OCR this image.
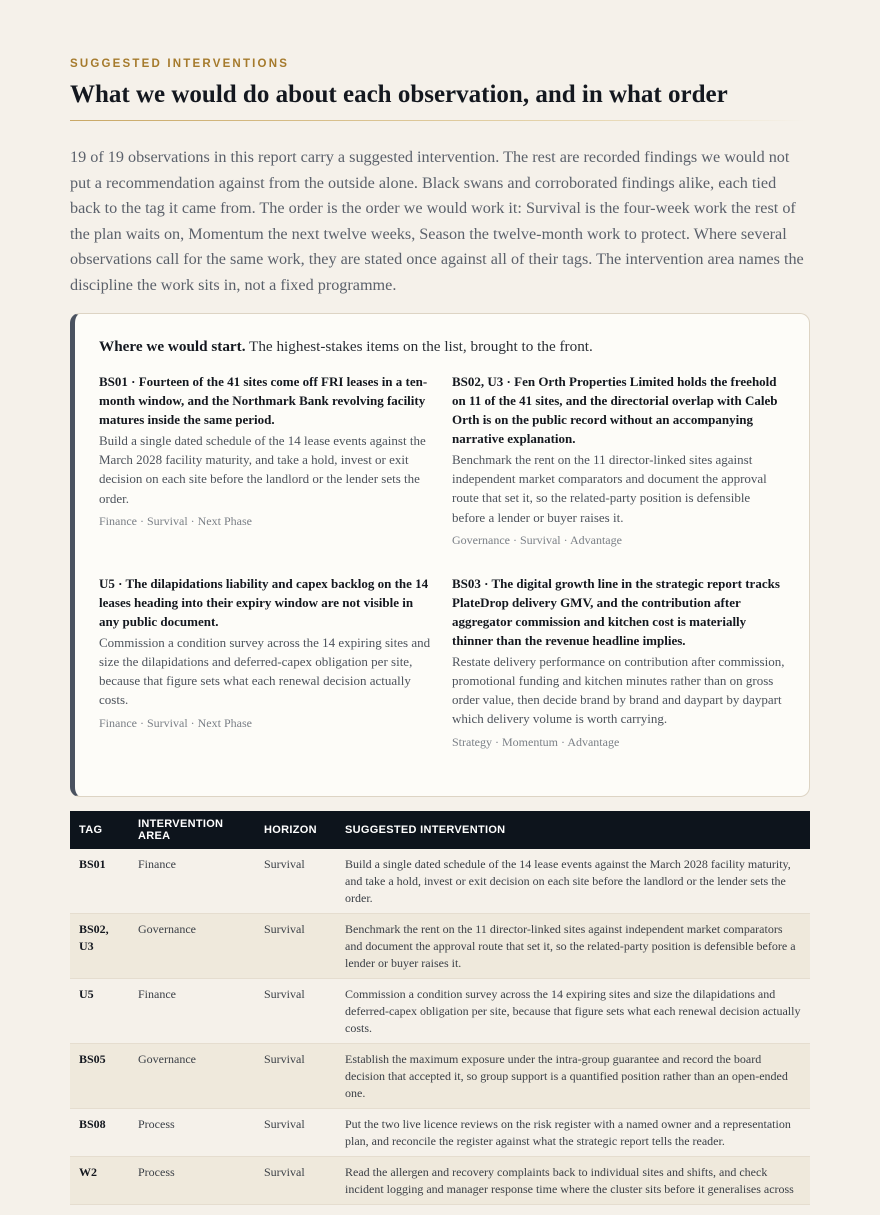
SUGGESTED INTERVENTIONS
What we would do about each observation, and in what order

19 of 19 observations in this report carry a suggested intervention. The rest are recorded findings we would not put a recommendation against from the outside alone. Black swans and corroborated findings alike, each tied back to the tag it came from. The order is the order we would work it: Survival is the four-week work the rest of the plan waits on, Momentum the next twelve weeks, Season the twelve-month work to protect. Where several observations call for the same work, they are stated once against all of their tags. The intervention area names the discipline the work sits in, not a fixed programme.

Where we would start. The highest-stakes items on the list, brought to the front.
BS01 · Fourteen of the 41 sites come off FRI leases in a ten-month window, and the Northmark Bank revolving facility matures inside the same period.
Build a single dated schedule of the 14 lease events against the March 2028 facility maturity, and take a hold, invest or exit decision on each site before the landlord or the lender sets the order.
Finance · Survival · Next Phase
BS02, U3 · Fen Orth Properties Limited holds the freehold on 11 of the 41 sites, and the directorial overlap with Caleb Orth is on the public record without an accompanying narrative explanation.
Benchmark the rent on the 11 director-linked sites against independent market comparators and document the approval route that set it, so the related-party position is defensible before a lender or buyer raises it.
Governance · Survival · Advantage
U5 · The dilapidations liability and capex backlog on the 14 leases heading into their expiry window are not visible in any public document.
Commission a condition survey across the 14 expiring sites and size the dilapidations and deferred-capex obligation per site, because that figure sets what each renewal decision actually costs.
Finance · Survival · Next Phase
BS03 · The digital growth line in the strategic report tracks PlateDrop delivery GMV, and the contribution after aggregator commission and kitchen cost is materially thinner than the revenue headline implies.
Restate delivery performance on contribution after commission, promotional funding and kitchen minutes rather than on gross order value, then decide brand by brand and daypart by daypart which delivery volume is worth carrying.
Strategy · Momentum · Advantage
TAG	INTERVENTION AREA	HORIZON	SUGGESTED INTERVENTION
BS01	Finance	Survival	Build a single dated schedule of the 14 lease events against the March 2028 facility maturity, and take a hold, invest or exit decision on each site before the landlord or the lender sets the order.
BS02, U3	Governance	Survival	Benchmark the rent on the 11 director-linked sites against independent market comparators and document the approval route that set it, so the related-party position is defensible before a lender or buyer raises it.
U5	Finance	Survival	Commission a condition survey across the 14 expiring sites and size the dilapidations and deferred-capex obligation per site, because that figure sets what each renewal decision actually costs.
BS05	Governance	Survival	Establish the maximum exposure under the intra-group guarantee and record the board decision that accepted it, so group support is a quantified position rather than an open-ended one.
BS08	Process	Survival	Put the two live licence reviews on the risk register with a named owner and a representation plan, and reconcile the register against what the strategic report tells the reader.
W2	Process	Survival	Read the allergen and recovery complaints back to individual sites and shifts, and check incident logging and manager response time where the cluster sits before it generalises across
